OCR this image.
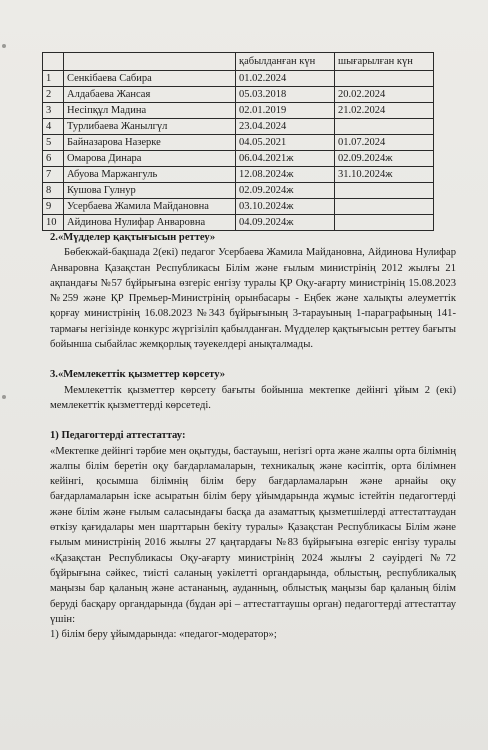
		қабылданған күн	шығарылған күн
1	Сенкібаева Сабира	01.02.2024	
2	Алдабаева Жансая	05.03.2018	20.02.2024
3	Несіпқұл Мадина	02.01.2019	21.02.2024
4	Турлибаева Жаныл​гүл	23.04.2024	
5	Байназарова Назерке	04.05.2021	01.07.2024
6	Омарова Динара	06.04.2021ж	02.09.2024ж
7	Абуова Маржангуль	12.08.2024ж	31.10.2024ж
8	Кушова Гулнур	02.09.2024ж	
9	Усербаева Жамила Майдановна	03.10.2024ж	
10	Айдинова Нулифар Анваровна	04.09.2024ж	

2.«Мүдделер қақтығысын реттеу»

Бөбекжай-бақшада 2(екі) педагог Усербаева Жамила Майдановна, Айдинова Нулифар Анваровна Қазақстан Республикасы Білім және ғылым министрінің 2012 жылғы 21 ақпандағы №57 бұйрығына өзгеріс енгізу туралы ҚР Оқу-ағарту министрінің 15.08.2023 №259 және ҚР Премьер-Министрінің орынбасары - Еңбек және халықты әлеуметтік қорғау министрінің 16.08.2023 №343 бұйрығының 3-тарауының 1-параграфының 141-тармағы негізінде конкурс жүргізіліп қабылданған. Мүдделер қақтығысын реттеу бағыты бойынша сыбайлас жемқорлық тәуекелдері анықталмады.

3.«Мемлекеттік қызметтер көрсету»

Мемлекеттік қызметтер көрсету бағыты бойынша мектепке дейінгі ұйым 2 (екі) мемлекеттік қызметтерді көрсетеді.

1) Педагогтерді аттестаттау:

«Мектепке дейінгі тәрбие мен оқытуды, бастауыш, негізгі орта және жалпы орта білімнің жалпы білім беретін оқу бағдарламаларын, техникалық және кәсіптік, орта білімнен кейінгі, қосымша білімнің білім беру бағдарламаларын және арнайы оқу бағдарламаларын іске асыратын білім беру ұйымдарында жұмыс істейтін педагогтерді және білім және ғылым саласындағы басқа да азаматтық қызметшілерді аттестаттаудан өткізу қағидалары мен шарттарын бекіту туралы» Қазақстан Республикасы Білім және ғылым министрінің 2016 жылғы 27 қаңтардағы №83 бұйрығына өзгеріс енгізу туралы «Қазақстан Республикасы Оқу-ағарту министрінің 2024 жылғы 2 сәуірдегі №72 бұйрығына сәйкес, тиісті саланың уәкілетті органдарында, облыстың, республикалық маңызы бар қаланың және астананың, ауданның, облыстық маңызы бар қаланың білім беруді басқару органдарында (бұдан әрі – аттестаттаушы орган) педагогтерді аттестаттау үшін:

1) білім беру ұйымдарында: «педагог-модератор»;
